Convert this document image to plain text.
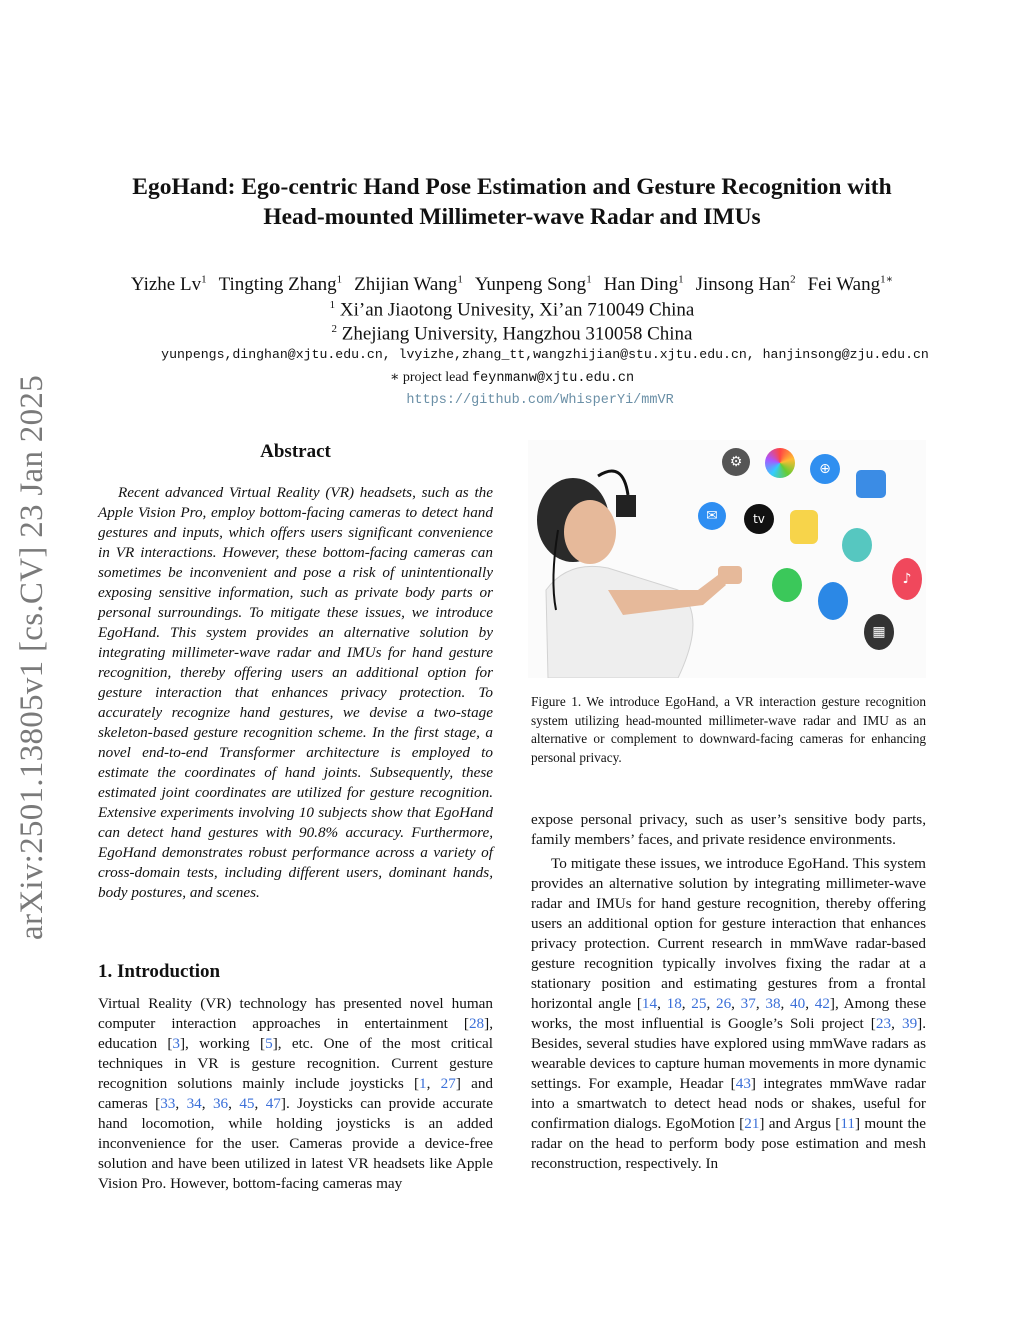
EgoHand: Ego-centric Hand Pose Estimation and Gesture Recognition with
Head-mounted Millimeter-wave Radar and IMUs
Yizhe Lv$^1$ Tingting Zhang$^1$ Zhijian Wang$^1$ Yunpeng Song$^1$ Han Ding$^1$ Jinsong Han$^2$ Fei Wang$^{1∗}$
$^1$ Xi’an Jiaotong Univesity, Xi’an 710049 China
$^2$ Zhejiang University, Hangzhou 310058 China
yunpengs,dinghan@xjtu.edu.cn, lvyizhe,zhang_tt,wangzhijian@stu.xjtu.edu.cn, hanjinsong@zju.edu.cn
∗ project lead feynmanw@xjtu.edu.cn
https://github.com/WhisperYi/mmVR
arXiv:2501.13805v1 [cs.CV] 23 Jan 2025	Abstract
Recent advanced Virtual Reality (VR) headsets, such as the Apple Vision Pro, employ bottom-facing cameras to detect hand gestures and inputs, which offers users significant convenience in VR interactions. However, these bottom-facing cameras can sometimes be inconvenient and pose a risk of unintentionally exposing sensitive information, such as private body parts or personal surroundings. To mitigate these issues, we introduce EgoHand. This system provides an alternative solution by integrating millimeter-wave radar and IMUs for hand gesture recognition, thereby offering users an additional option for gesture interaction that enhances privacy protection. To accurately recognize hand gestures, we devise a two-stage skeleton-based gesture recognition scheme. In the first stage, a novel end-to-end Transformer architecture is employed to estimate the coordinates of hand joints. Subsequently, these estimated joint coordinates are utilized for gesture recognition. Extensive experiments involving 10 subjects show that EgoHand can detect hand gestures with 90.8% accuracy. Furthermore, EgoHand demonstrates robust performance across a variety of cross-domain tests, including different users, dominant hands, body postures, and scenes.
⚙	⊕
✉	tv
♪
▦
Figure 1. We introduce EgoHand, a VR interaction gesture recognition system utilizing head-mounted millimeter-wave radar and IMU as an alternative or complement to downward-facing cameras for enhancing personal privacy.
1. Introduction
Virtual Reality (VR) technology has presented novel human computer interaction approaches in entertainment [28], education [3], working [5], etc. One of the most critical techniques in VR is gesture recognition. Current gesture recognition solutions mainly include joysticks [1, 27] and cameras [33, 34, 36, 45, 47]. Joysticks can provide accurate hand locomotion, while holding joysticks is an added inconvenience for the user. Cameras provide a device-free solution and have been utilized in latest VR headsets like Apple Vision Pro. However, bottom-facing cameras may
expose personal privacy, such as user’s sensitive body parts, family members’ faces, and private residence environments.
To mitigate these issues, we introduce EgoHand. This system provides an alternative solution by integrating millimeter-wave radar and IMUs for hand gesture recognition, thereby offering users an additional option for gesture interaction that enhances privacy protection. Current research in mmWave radar-based gesture recognition typically involves fixing the radar at a stationary position and estimating gestures from a frontal horizontal angle [14, 18, 25, 26, 37, 38, 40, 42], Among these works, the most influential is Google’s Soli project [23, 39]. Besides, several studies have explored using mmWave radars as wearable devices to capture human movements in more dynamic settings. For example, Headar [43] integrates mmWave radar into a smartwatch to detect head nods or shakes, useful for confirmation dialogs. EgoMotion [21] and Argus [11] mount the radar on the head to perform body pose estimation and mesh reconstruction, respectively. In
